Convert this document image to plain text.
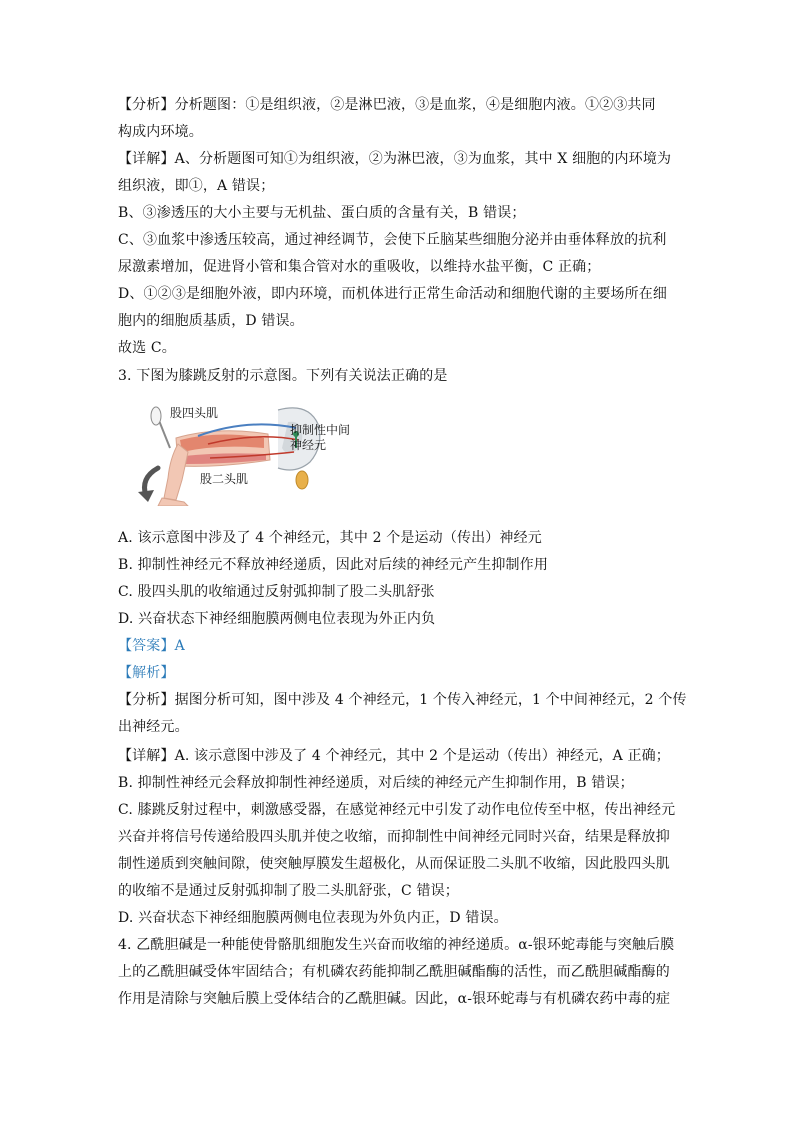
【分析】分析题图：①是组织液，②是淋巴液，③是血浆，④是细胞内液。①②③共同
构成内环境。
【详解】A、分析题图可知①为组织液，②为淋巴液，③为血浆，其中 X 细胞的内环境为
组织液，即①，A 错误；
B、③渗透压的大小主要与无机盐、蛋白质的含量有关，B 错误；
C、③血浆中渗透压较高，通过神经调节，会使下丘脑某些细胞分泌并由垂体释放的抗利
尿激素增加，促进肾小管和集合管对水的重吸收，以维持水盐平衡，C 正确；
D、①②③是细胞外液，即内环境，而机体进行正常生命活动和细胞代谢的主要场所在细
胞内的细胞质基质，D 错误。
故选 C。
3. 下图为膝跳反射的示意图。下列有关说法正确的是
股四头肌
抑制性中间
神经元
股二头肌
A. 该示意图中涉及了 4 个神经元，其中 2 个是运动（传出）神经元
B. 抑制性神经元不释放神经递质，因此对后续的神经元产生抑制作用
C. 股四头肌的收缩通过反射弧抑制了股二头肌舒张
D. 兴奋状态下神经细胞膜两侧电位表现为外正内负
【答案】A
【解析】
【分析】据图分析可知，图中涉及 4 个神经元，1 个传入神经元，1 个中间神经元，2 个传
出神经元。
【详解】A. 该示意图中涉及了 4 个神经元，其中 2 个是运动（传出）神经元，A 正确；
B. 抑制性神经元会释放抑制性神经递质，对后续的神经元产生抑制作用，B 错误；
C. 膝跳反射过程中，刺激感受器，在感觉神经元中引发了动作电位传至中枢，传出神经元
兴奋并将信号传递给股四头肌并使之收缩，而抑制性中间神经元同时兴奋，结果是释放抑
制性递质到突触间隙，使突触厚膜发生超极化，从而保证股二头肌不收缩，因此股四头肌
的收缩不是通过反射弧抑制了股二头肌舒张，C 错误；
D. 兴奋状态下神经细胞膜两侧电位表现为外负内正，D 错误。
4. 乙酰胆碱是一种能使骨骼肌细胞发生兴奋而收缩的神经递质。α-银环蛇毒能与突触后膜
上的乙酰胆碱受体牢固结合；有机磷农药能抑制乙酰胆碱酯酶的活性，而乙酰胆碱酯酶的
作用是清除与突触后膜上受体结合的乙酰胆碱。因此，α-银环蛇毒与有机磷农药中毒的症
